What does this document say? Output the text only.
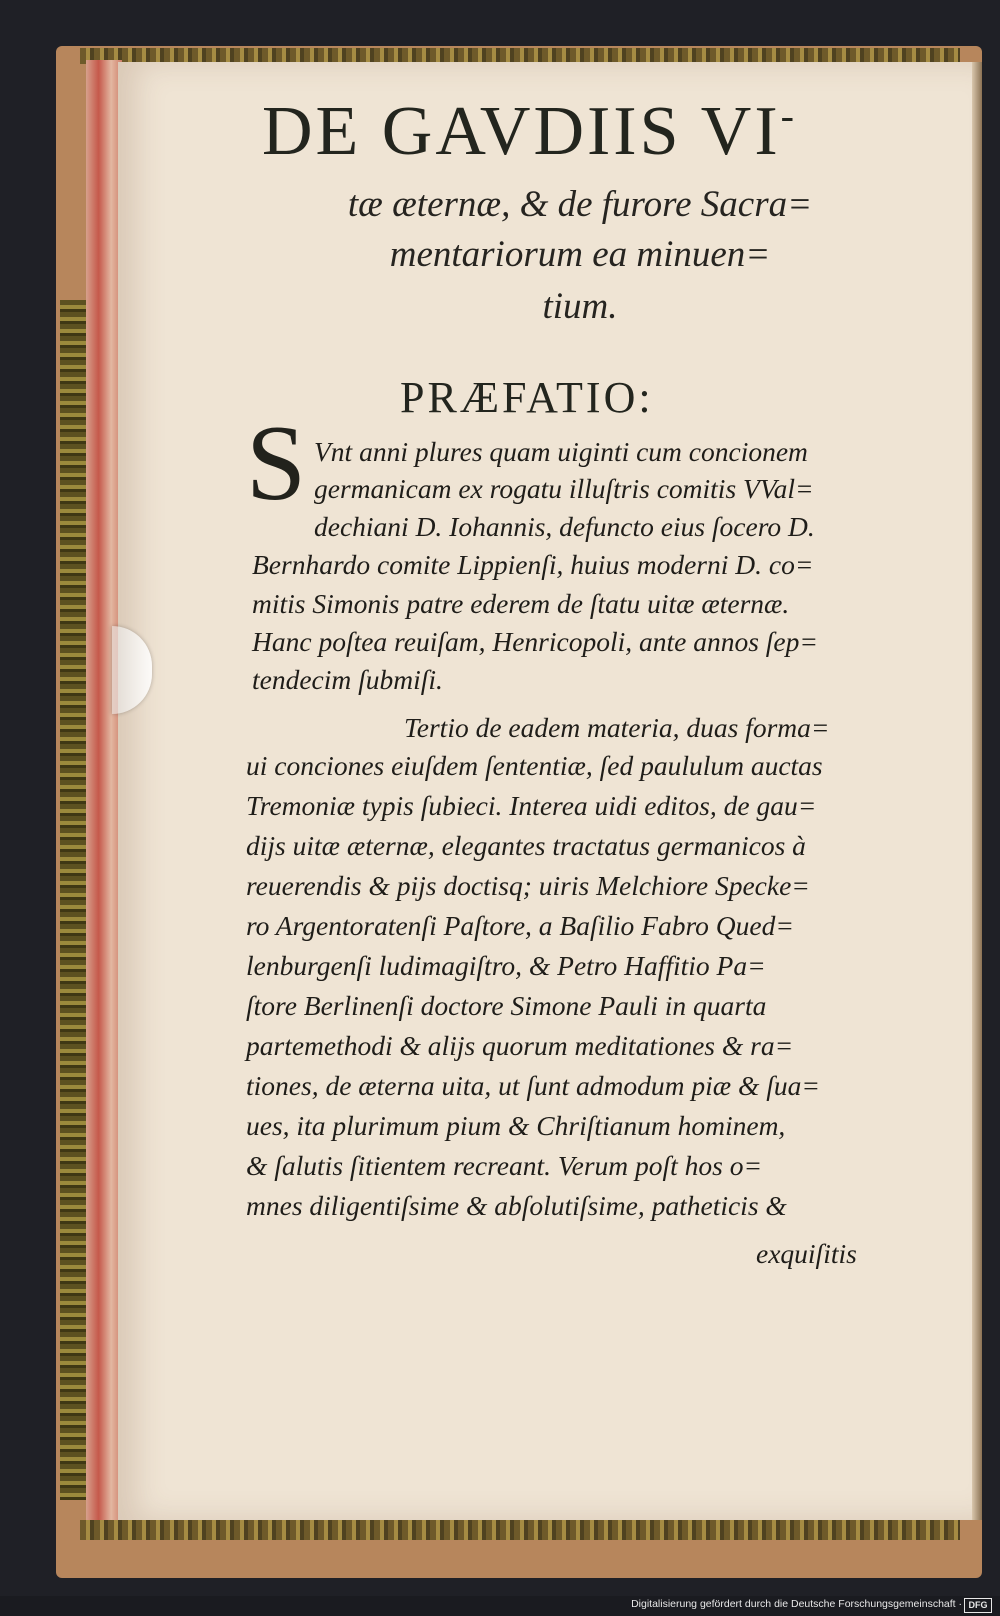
DE GAVDIIS VI-
tæ æternæ, & de furore Sacra=
mentariorum ea minuen=
tium.
PRÆFATIO:
S Vnt anni plures quam uiginti cum concionem
germanicam ex rogatu illuſtris comitis VVal=
dechiani D. Iohannis, defuncto eius ſocero D.
Bernhardo comite Lippienſi, huius moderni D. co=
mitis Simonis patre ederem de ſtatu uitæ æternæ.
Hanc poſtea reuiſam, Henricopoli, ante annos ſep=
tendecim ſubmiſi.
Tertio de eadem materia, duas forma=
ui conciones eiuſdem ſententiæ, ſed paululum auctas
Tremoniæ typis ſubieci. Interea uidi editos, de gau=
dijs uitæ æternæ, elegantes tractatus germanicos à
reuerendis & pijs doctisq; uiris Melchiore Specke=
ro Argentoratenſi Paſtore, a Baſilio Fabro Qued=
lenburgenſi ludimagiſtro, & Petro Haffitio Pa=
ſtore Berlinenſi doctore Simone Pauli in quarta
partemethodi & alijs quorum meditationes & ra=
tiones, de æterna uita, ut ſunt admodum piæ & ſua=
ues, ita plurimum pium & Chriſtianum hominem,
& ſalutis ſitientem recreant. Verum poſt hos o=
mnes diligentiſsime & abſolutiſsime, patheticis &
exquiſitis
Digitalisierung gefördert durch die Deutsche Forschungsgemeinschaft · DFG
